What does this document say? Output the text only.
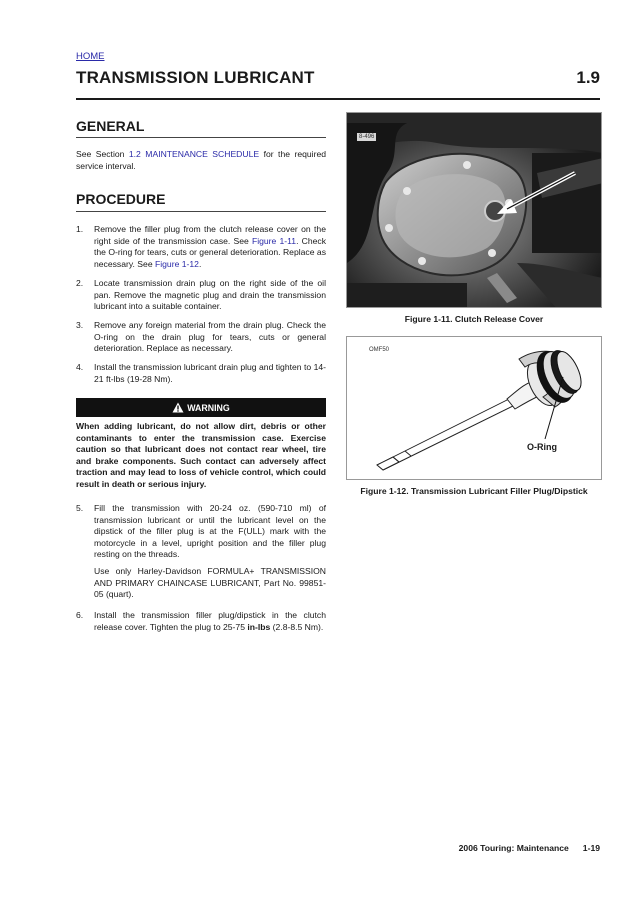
HOME
TRANSMISSION LUBRICANT	1.9
GENERAL
See Section 1.2 MAINTENANCE SCHEDULE for the required service interval.
PROCEDURE
1. Remove the filler plug from the clutch release cover on the right side of the transmission case. See Figure 1-11. Check the O-ring for tears, cuts or general deterioration. Replace as necessary. See Figure 1-12.
2. Locate transmission drain plug on the right side of the oil pan. Remove the magnetic plug and drain the transmission lubricant into a suitable container.
3. Remove any foreign material from the drain plug. Check the O-ring on the drain plug for tears, cuts or general deterioration. Replace as necessary.
4. Install the transmission lubricant drain plug and tighten to 14-21 ft-lbs (19-28 Nm).
WARNING
When adding lubricant, do not allow dirt, debris or other contaminants to enter the transmission case. Exercise caution so that lubricant does not contact rear wheel, tire and brake components. Such contact can adversely affect traction and may lead to loss of vehicle control, which could result in death or serious injury.
5. Fill the transmission with 20-24 oz. (590-710 ml) of transmission lubricant or until the lubricant level on the dipstick of the filler plug is at the F(ULL) mark with the motorcycle in a level, upright position and the filler plug resting on the threads.
Use only Harley-Davidson FORMULA+ TRANSMISSION AND PRIMARY CHAINCASE LUBRICANT, Part No. 99851-05 (quart).
6. Install the transmission filler plug/dipstick in the clutch release cover. Tighten the plug to 25-75 in-lbs (2.8-8.5 Nm).
8-496
Figure 1-11. Clutch Release Cover
OMF50
O-Ring
Figure 1-12. Transmission Lubricant Filler Plug/Dipstick
2006 Touring: Maintenance 1-19
